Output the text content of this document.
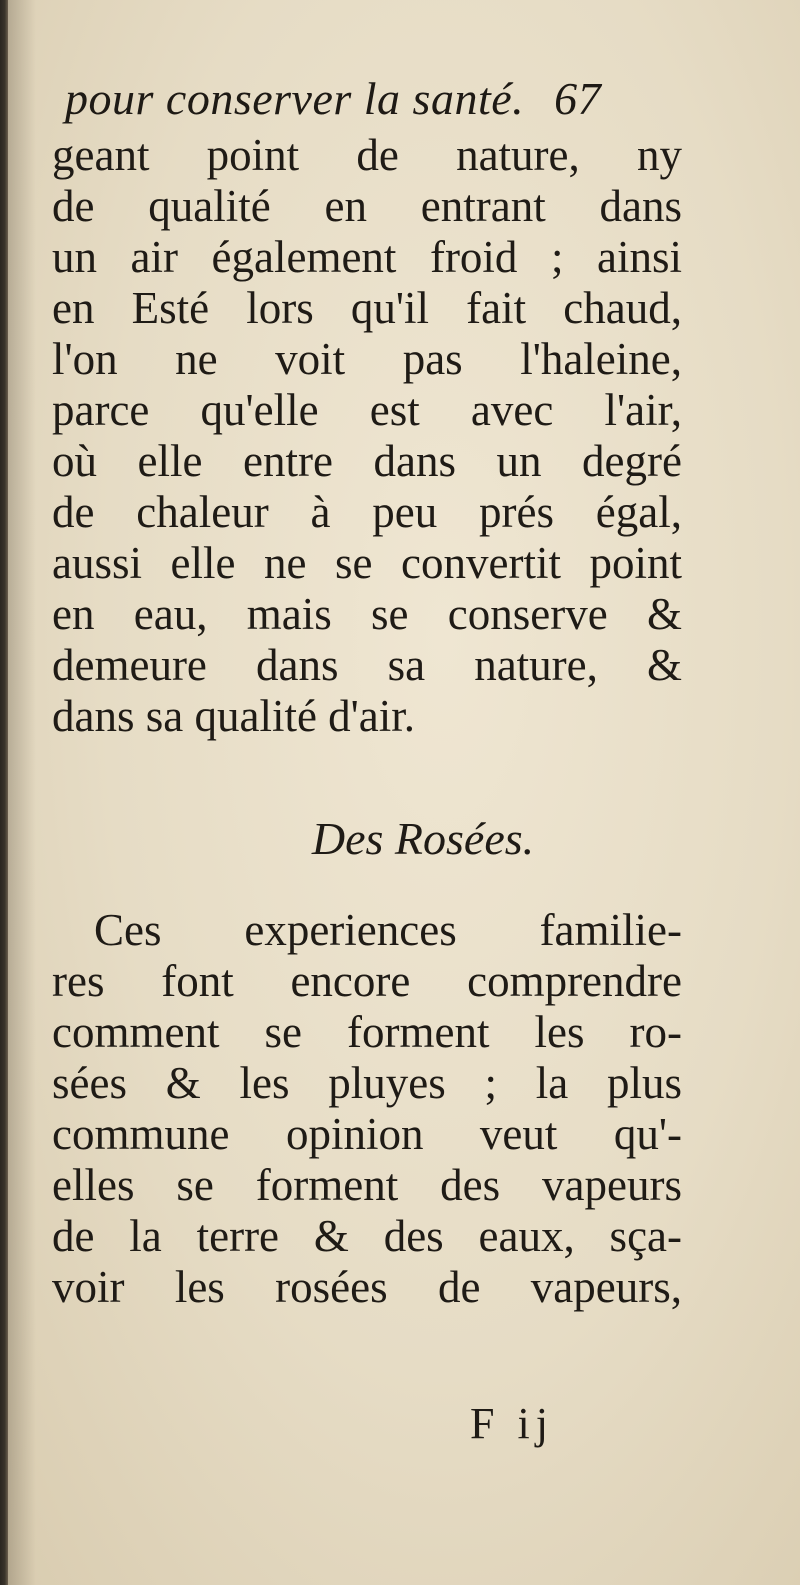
pour conserver la santé. 67
geant point de nature, ny
de qualité en entrant dans
un air également froid ; ainsi
en Esté lors qu'il fait chaud,
l'on ne voit pas l'haleine,
parce qu'elle est avec l'air,
où elle entre dans un degré
de chaleur à peu prés égal,
aussi elle ne se convertit point
en eau, mais se conserve &
demeure dans sa nature, &
dans sa qualité d'air.
Des Rosées.
Ces experiences familie-
res font encore comprendre
comment se forment les ro-
sées & les pluyes ; la plus
commune opinion veut qu'-
elles se forment des vapeurs
de la terre & des eaux, sça-
voir les rosées de vapeurs,
F ij
